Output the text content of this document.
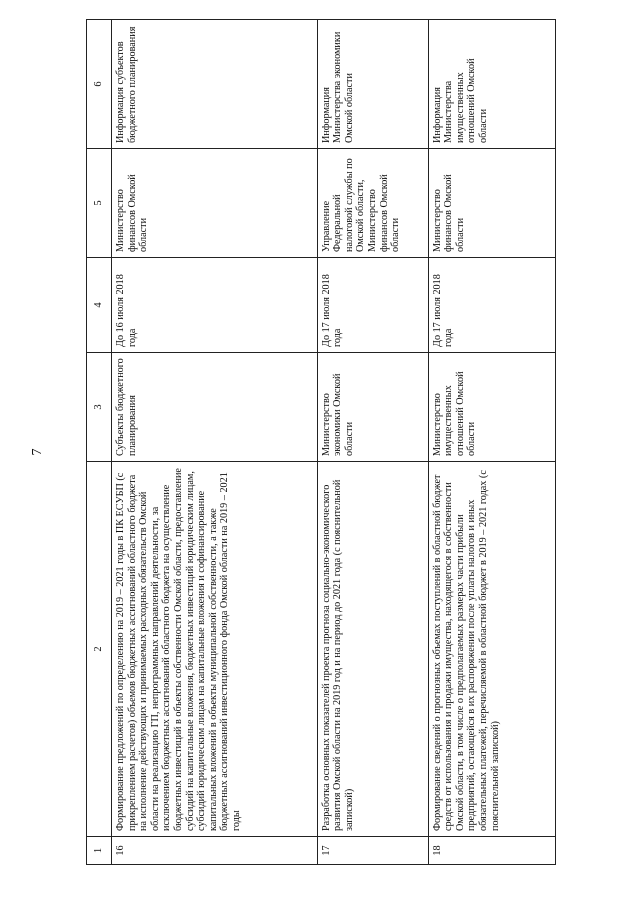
7
1	2	3	4	5	6
16	Формирование предложений по определению на 2019 – 2021 годы в ПК ЕСУБП (с прикреплением расчетов) объемов бюджетных ассигнований областного бюджета на исполнение действующих и принимаемых расходных обязательств Омской области на реализацию ГП, непрограммных направлений деятельности, за исключением бюджетных ассигнований областного бюджета на осуществление бюджетных инвестиций в объекты собственности Омской области, предоставление субсидий на капитальные вложения, бюджетных инвестиций юридическим лицам, субсидий юридическим лицам на капитальные вложения и софинансирование капитальных вложений в объекты муниципальной собственности, а также бюджетных ассигнований инвестиционного фонда Омской области на 2019 – 2021 годы	Субъекты бюджетного планирования	До 16 июля 2018 года	Министерство финансов Омской области	Информация субъектов бюджетного планирования
17	Разработка основных показателей проекта прогноза социально-экономического развития Омской области на 2019 год и на период до 2021 года (с пояснительной запиской)	Министерство экономики Омской области	До 17 июля 2018 года	Управление Федеральной налоговой службы по Омской области, Министерство финансов Омской области	Информация Министерства экономики Омской области
18	Формирование сведений о прогнозных объемах поступлений в областной бюджет средств от использования и продажи имущества, находящегося в собственности Омской области, в том числе о предполагаемых размерах части прибыли предприятий, остающейся в их распоряжении после уплаты налогов и иных обязательных платежей, перечисляемой в областной бюджет в 2019 – 2021 годах (с пояснительной запиской)	Министерство имущественных отношений Омской области	До 17 июля 2018 года	Министерство финансов Омской области	Информация Министерства имущественных отношений Омской области
